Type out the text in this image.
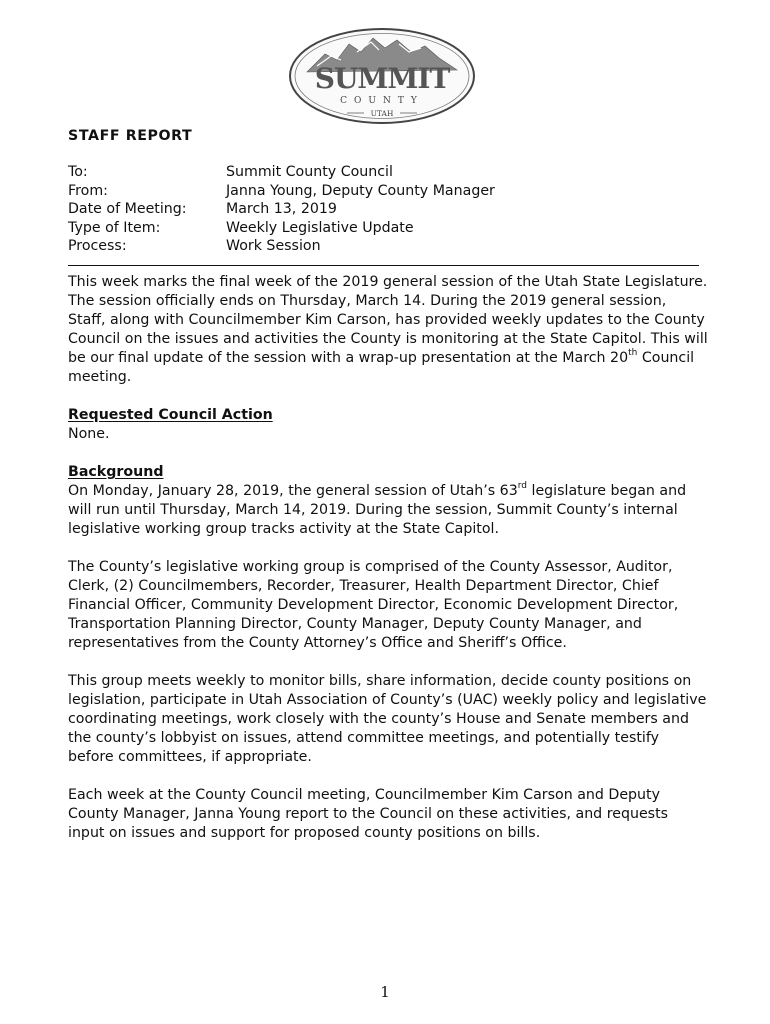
SUMMIT
COUNTY
UTAH
STAFF REPORT
To:	Summit County Council
From:	Janna Young, Deputy County Manager
Date of Meeting:	March 13, 2019
Type of Item:	Weekly Legislative Update
Process:	Work Session

This week marks the final week of the 2019 general session of the Utah State Legislature. The session officially ends on Thursday, March 14. During the 2019 general session, Staff, along with Councilmember Kim Carson, has provided weekly updates to the County Council on the issues and activities the County is monitoring at the State Capitol. This will be our final update of the session with a wrap-up presentation at the March 20th Council meeting.

Requested Council Action
None.

Background
On Monday, January 28, 2019, the general session of Utah’s 63rd legislature began and will run until Thursday, March 14, 2019. During the session, Summit County’s internal legislative working group tracks activity at the State Capitol.

The County’s legislative working group is comprised of the County Assessor, Auditor, Clerk, (2) Councilmembers, Recorder, Treasurer, Health Department Director, Chief Financial Officer, Community Development Director, Economic Development Director, Transportation Planning Director, County Manager, Deputy County Manager, and representatives from the County Attorney’s Office and Sheriff’s Office.

This group meets weekly to monitor bills, share information, decide county positions on legislation, participate in Utah Association of County’s (UAC) weekly policy and legislative coordinating meetings, work closely with the county’s House and Senate members and the county’s lobbyist on issues, attend committee meetings, and potentially testify before committees, if appropriate.

Each week at the County Council meeting, Councilmember Kim Carson and Deputy County Manager, Janna Young report to the Council on these activities, and requests input on issues and support for proposed county positions on bills.

1
